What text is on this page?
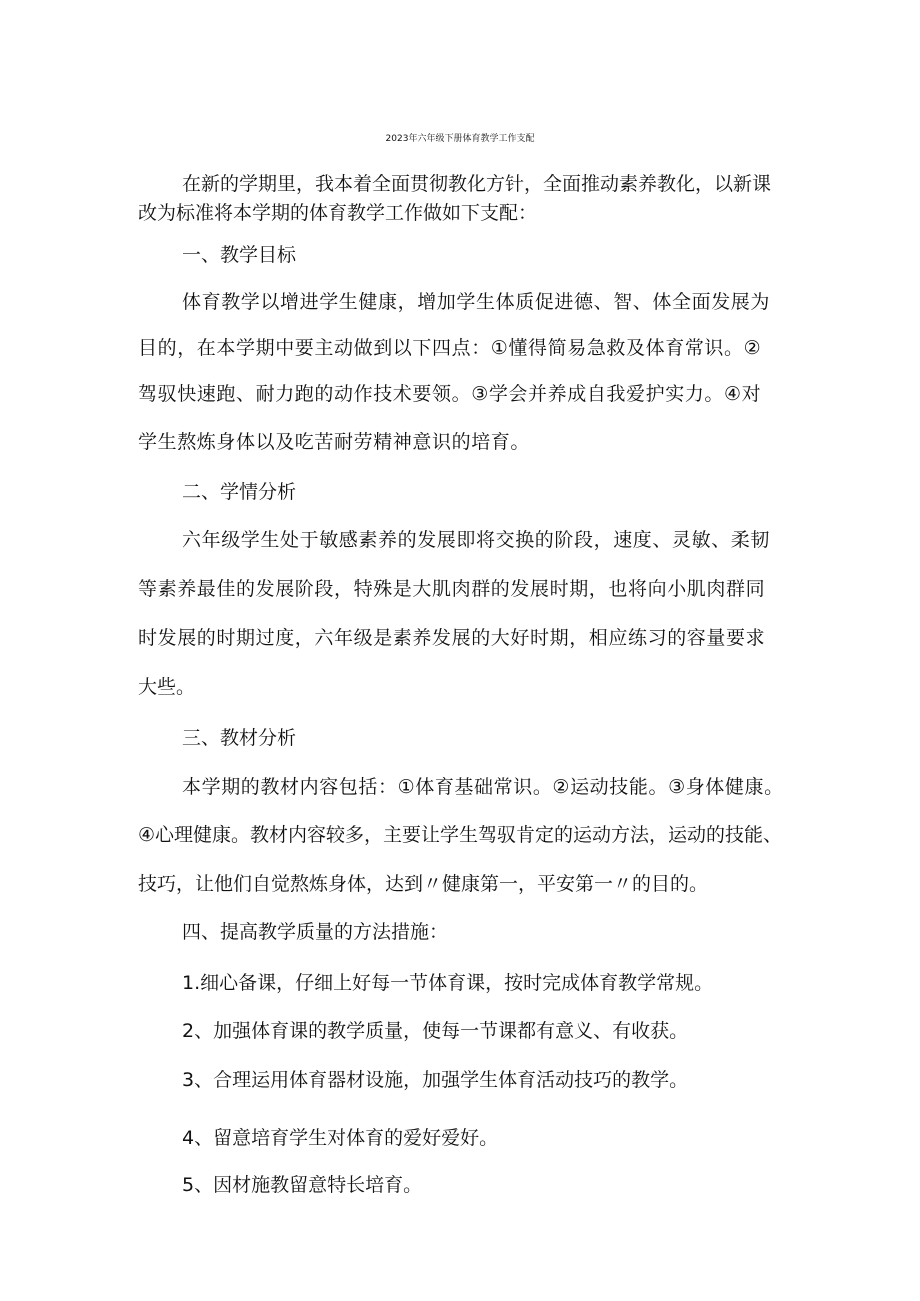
2023年六年级下册体育教学工作支配
在新的学期里，我本着全面贯彻教化方针，全面推动素养教化，以新课
改为标准将本学期的体育教学工作做如下支配：
一、教学目标
体育教学以增进学生健康，增加学生体质促进德、智、体全面发展为
目的，在本学期中要主动做到以下四点：①懂得简易急救及体育常识。②
驾驭快速跑、耐力跑的动作技术要领。③学会并养成自我爱护实力。④对
学生熬炼身体以及吃苦耐劳精神意识的培育。
二、学情分析
六年级学生处于敏感素养的发展即将交换的阶段，速度、灵敏、柔韧
等素养最佳的发展阶段，特殊是大肌肉群的发展时期，也将向小肌肉群同
时发展的时期过度，六年级是素养发展的大好时期，相应练习的容量要求
大些。
三、教材分析
本学期的教材内容包括：①体育基础常识。②运动技能。③身体健康。
④心理健康。教材内容较多，主要让学生驾驭肯定的运动方法，运动的技能、
技巧，让他们自觉熬炼身体，达到〃健康第一，平安第一〃的目的。
四、提高教学质量的方法措施：
1.细心备课，仔细上好每一节体育课，按时完成体育教学常规。
2、加强体育课的教学质量，使每一节课都有意义、有收获。
3、合理运用体育器材设施，加强学生体育活动技巧的教学。
4、留意培育学生对体育的爱好爱好。
5、因材施教留意特长培育。
